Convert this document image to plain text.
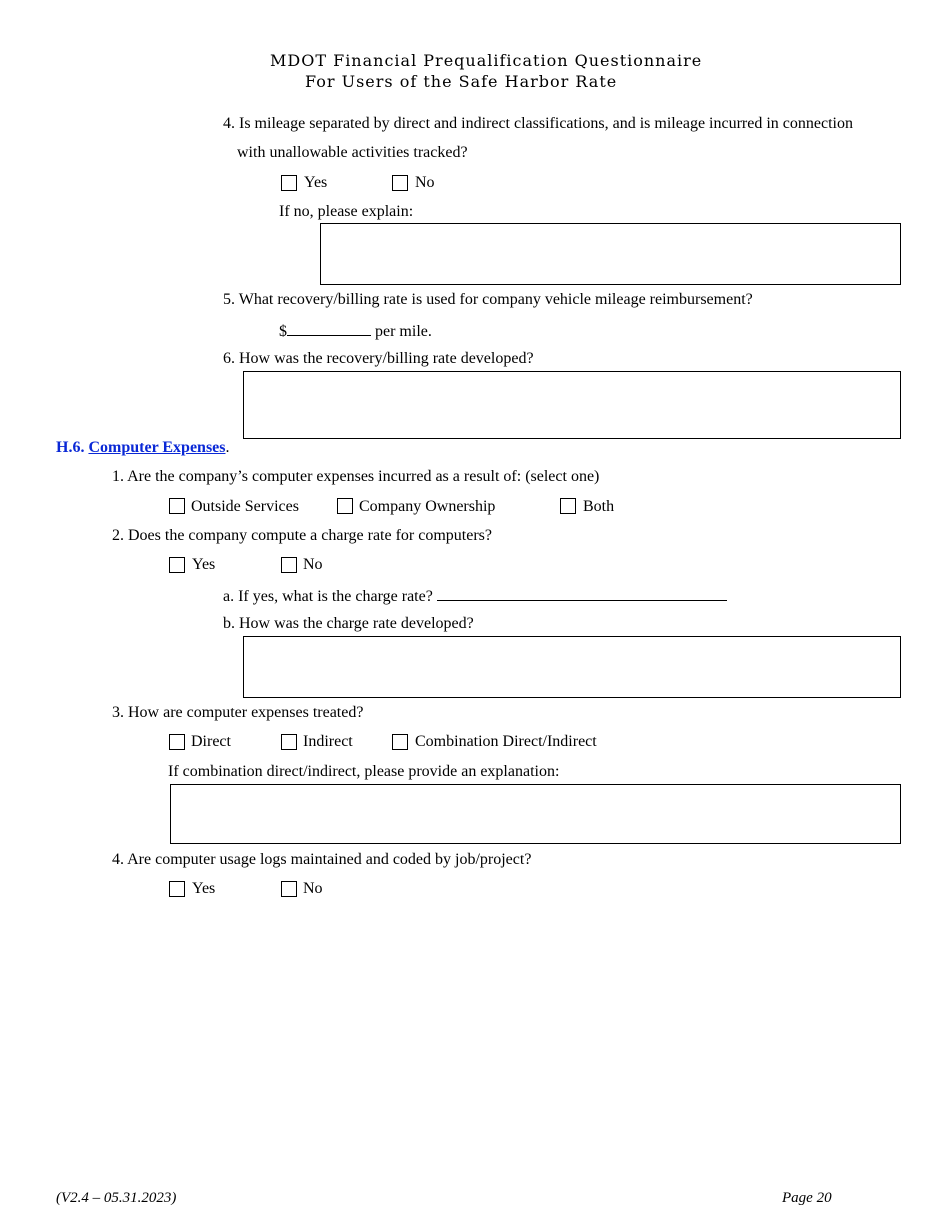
MDOT Financial Prequalification Questionnaire
For Users of the Safe Harbor Rate
4. Is mileage separated by direct and indirect classifications, and is mileage incurred in connection
with unallowable activities tracked?
Yes	No
If no, please explain:
5. What recovery/billing rate is used for company vehicle mileage reimbursement?
$	per mile.
6. How was the recovery/billing rate developed?
H.6. Computer Expenses.
1. Are the company’s computer expenses incurred as a result of: (select one)
Outside Services	Company Ownership	Both
2. Does the company compute a charge rate for computers?
Yes	No
a. If yes, what is the charge rate?
b. How was the charge rate developed?
3. How are computer expenses treated?
Direct	Indirect	Combination Direct/Indirect
If combination direct/indirect, please provide an explanation:
4. Are computer usage logs maintained and coded by job/project?
Yes	No
(V2.4 – 05.31.2023)	Page 20
